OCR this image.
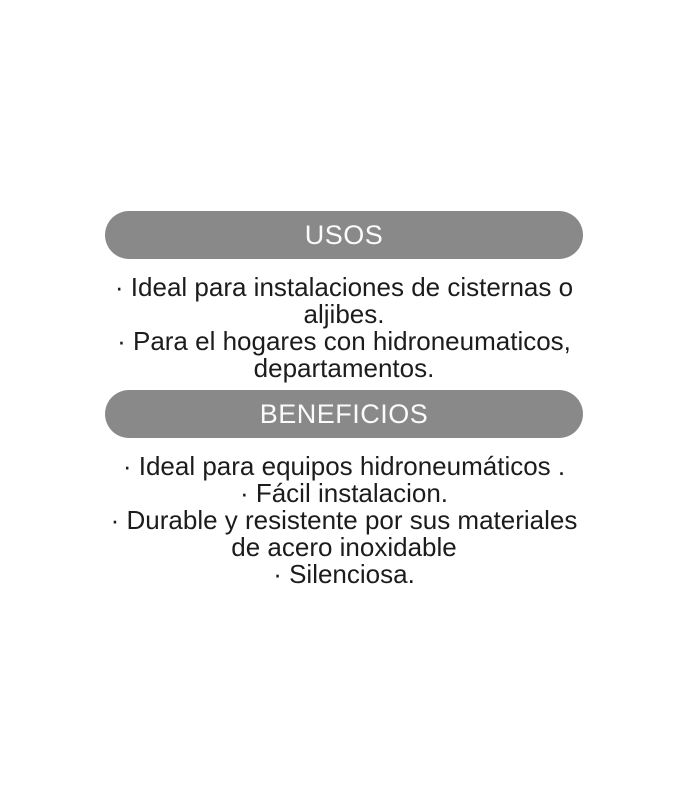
USOS
· Ideal para instalaciones de cisternas o
aljibes.
· Para el hogares con hidroneumaticos,
departamentos.
BENEFICIOS
· Ideal para equipos hidroneumáticos .
· Fácil instalacion.
· Durable y resistente por sus materiales
de acero inoxidable
· Silenciosa.
